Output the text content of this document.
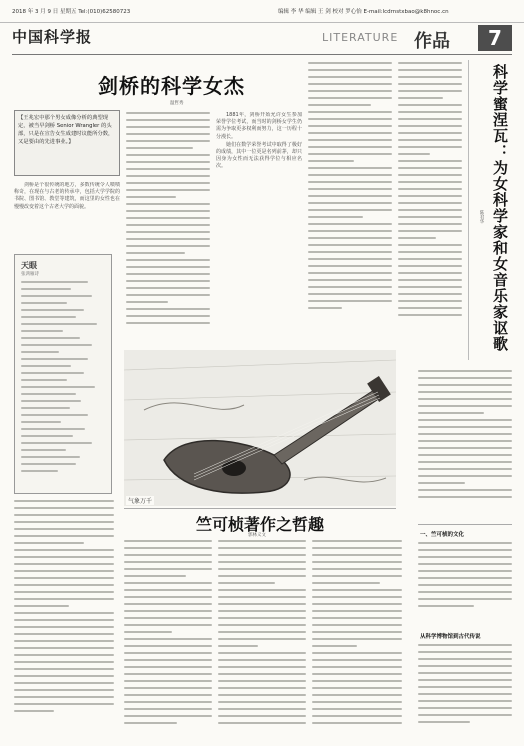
2018 年 3 月 9 日 星期五 Tel:(010)62580723	编辑 李 华 编辑 王 剑 校对 罗心怡 E-mail:lcdrnstxbao@k8hnoc.cn
中国科学报	LITERATURE 作品	7
剑桥的科学女杰
温哲秀
【王兆宏中那个男女成像分析的典型现定，被当早剑桥 Senior Wrangler 的头部，只是在宣告女生成建时议能所分数，又是要由的先进事业。】

剑桥是个很传统的地方，多数传统令人啧啧称奇，在现在与古老的传承中，包括大学学院的书院、图书馆、教堂等建筑，而这里的女性也在慢慢改变着这个古老大学的面貌。

1881年，剑桥开始允许女生参加荣誉学位考试，而当时的剑桥女学生仍需为争取更多权利而努力，这一历程十分漫长。

她们在数学荣誉考试中取得了极好的成绩，其中一位更是名列前茅，却只因身为女性而无法获得学位与相应名次。	科学蜜涅瓦：为女科学家和女音乐家讴歌
陈君华
天眼
张鸿雁诗
气象万千
竺可桢著作之哲趣
郭林义文	一、竺可桢的文化
从科学博物馆到古代传说
